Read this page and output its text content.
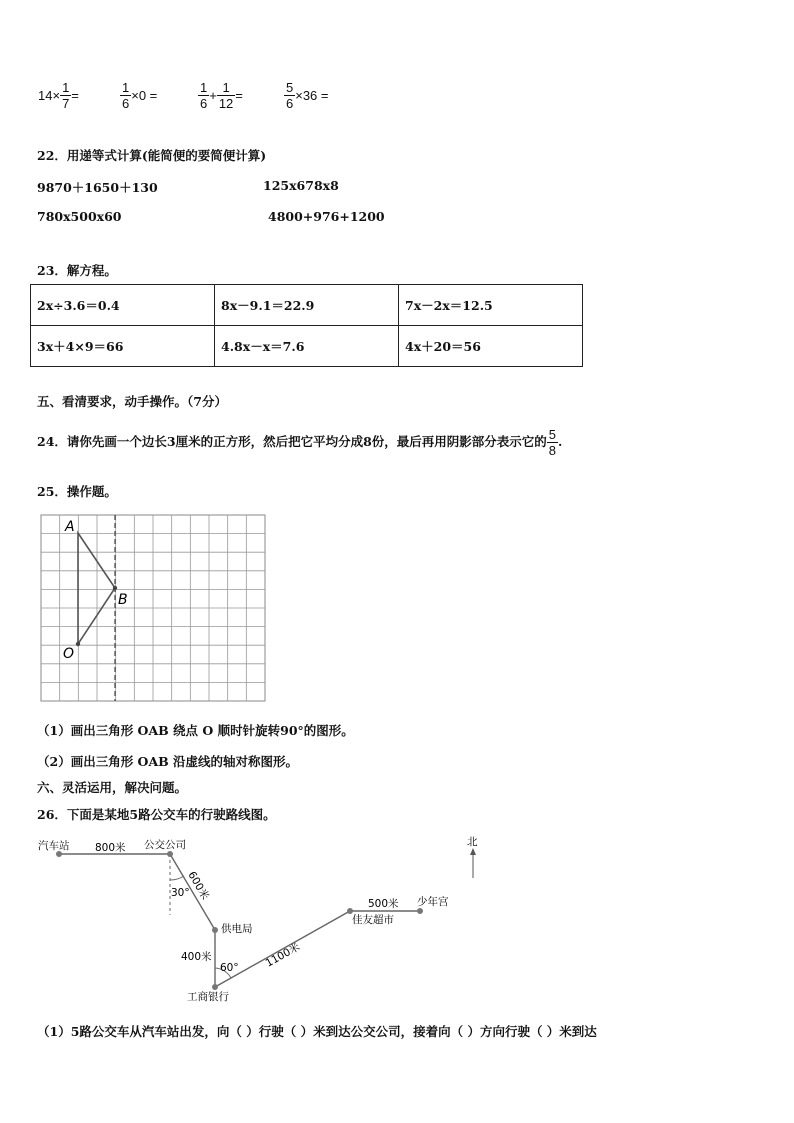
$14\times \frac{1}{7}$ =	$\frac{1}{6} \times 0$ =	$\frac{1}{6} + \frac{1}{12}$ =	$\frac{5}{6} \times 36$ =
22．用递等式计算(能简便的要简便计算)
9870＋1650＋130	125x678x8
780x500x60	4800+976+1200
23．解方程。
2x÷3.6＝0.4	8x－9.1＝22.9	7x－2x＝12.5
3x＋4×9＝66	4.8x－x＝7.6	4x＋20＝56
五、看清要求，动手操作。（7分）
24．请你先画一个边长3厘米的正方形，然后把它平均分成8份，最后再用阴影部分表示它的 $\frac{5}{8}$ .
25．操作题。
A
B
O
（1）画出三角形 OAB 绕点 O 顺时针旋转90°的图形。
（2）画出三角形 OAB 沿虚线的轴对称图形。
六、灵活运用，解决问题。
26．下面是某地5路公交车的行驶路线图。
北
汽车站 800米 公交公司
30°
600米
供电局
400米
60°
工商银行
1100米
佳友超市
500米 少年宫
（1）5路公交车从汽车站出发，向（ ）行驶（ ）米到达公交公司，接着向（ ）方向行驶（ ）米到达
